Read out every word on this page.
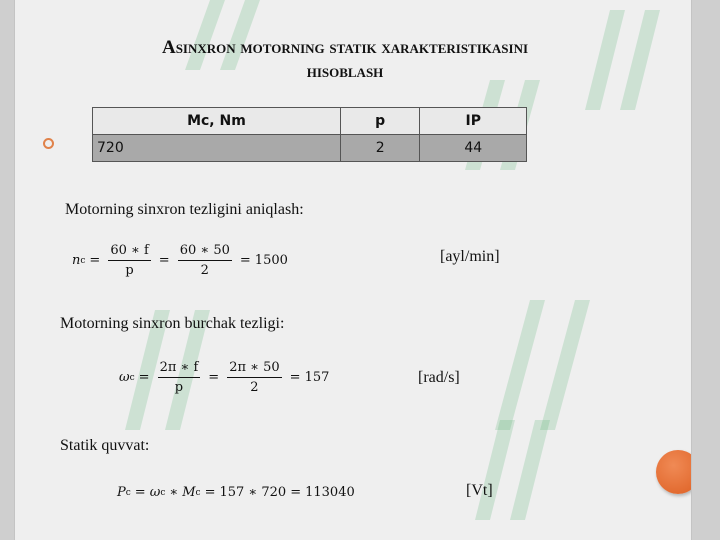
Asinxron motorning statik xarakteristikasini
hisoblash
Mc, Nm	p	IP
720	2	44
Motorning sinxron tezligini aniqlash:
n $c = \frac{60 ∗ f}{p} = \frac{60 ∗ 50}{2} = 1500$	[ayl/min]
Motorning sinxron burchak tezligi:
ω $c = \frac{2\pi ∗ f}{p} = \frac{2\pi ∗ 50}{2} = 157$	[rad/s]
Statik quvvat:
P c = ω c ∗ M c = 157 ∗ 720 = 113040	[Vt]
